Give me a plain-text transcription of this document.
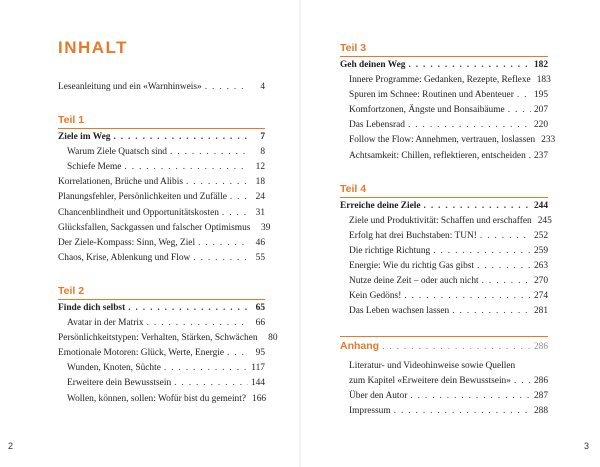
INHALT
Leseanleitung und ein «Warnhinweis» . . .	4
Teil 1
Ziele im Weg . . .	7
Warum Ziele Quatsch sind . . .	8
Schiefe Meme . . .	12
Korrelationen, Brüche und Alibis . . .	18
Planungsfehler, Persönlichkeiten und Zufälle . . .	24
Chancenblindheit und Opportunitätskosten . . .	31
Glücksfallen, Sackgassen und falscher Optimismus	39
Der Ziele-Kompass: Sinn, Weg, Ziel . . .	46
Chaos, Krise, Ablenkung und Flow . . .	55
Teil 2
Finde dich selbst . . .	65
Avatar in der Matrix . . .	66
Persönlichkeitstypen: Verhalten, Stärken, Schwächen	80
Emotionale Motoren: Glück, Werte, Energie . . .	95
Wunden, Knoten, Süchte . . .	117
Erweitere dein Bewusstsein . . .	144
Wollen, können, sollen: Wofür bist du gemeint? 166
2
Teil 3
Geh deinen Weg . . .	182
Innere Programme: Gedanken, Rezepte, Reflexe 183
Spuren im Schnee: Routinen und Abenteuer . . . 195
Komfortzonen, Ängste und Bonsaibäume . . .	207
Das Lebensrad . . .	220
Follow the Flow: Annehmen, vertrauen, loslassen 233
Achtsamkeit: Chillen, reflektieren, entscheiden . . . 237
Teil 4
Erreiche deine Ziele . . .	244
Ziele und Produktivität: Schaffen und erschaffen 245
Erfolg hat drei Buchstaben: TUN! . . .	252
Die richtige Richtung . . .	259
Energie: Wie du richtig Gas gibst . . .	263
Nutze deine Zeit – oder auch nicht . . .	270
Kein Gedöns! . . .	274
Das Leben wachsen lassen . . .	281
Anhang . . .	286
Literatur- und Videohinweise sowie Quellen
zum Kapitel «Erweitere dein Bewusstsein» . . . 286
Über den Autor . . .	287
Impressum . . .	288
3
